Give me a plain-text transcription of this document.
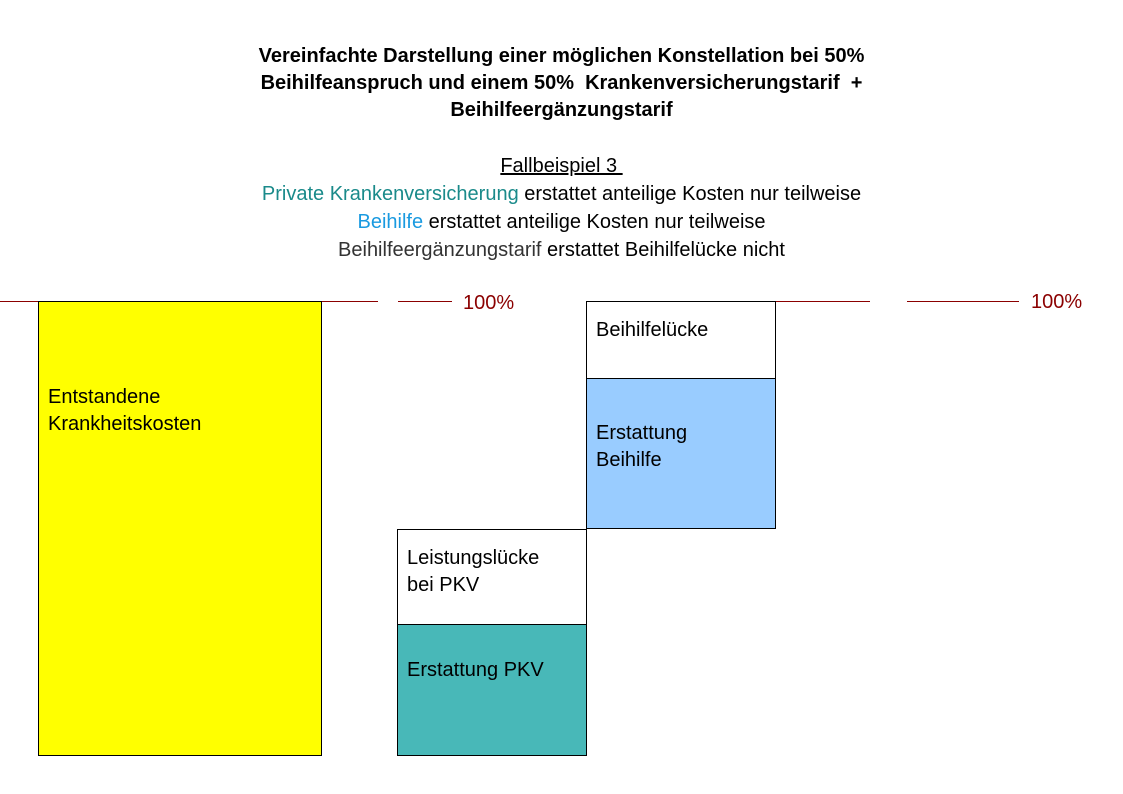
Vereinfachte Darstellung einer möglichen Konstellation bei 50%
Beihilfeanspruch und einem 50%  Krankenversicherungstarif  +
Beihilfeergänzungstarif
Fallbeispiel 3
Private Krankenversicherung erstattet anteilige Kosten nur teilweise
Beihilfe erstattet anteilige Kosten nur teilweise
Beihilfeergänzungstarif erstattet Beihilfelücke nicht
100%	100%
Entstandene
Krankheitskosten
Leistungslücke
bei PKV
Erstattung PKV
Beihilfelücke
Erstattung
Beihilfe
